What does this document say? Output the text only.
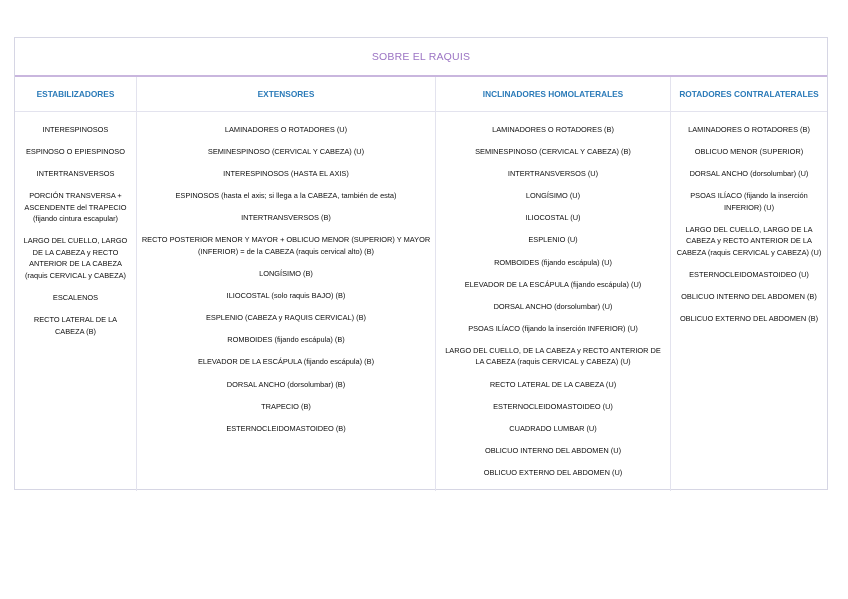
SOBRE EL RAQUIS
ESTABILIZADORES
INTERESPINOSOS
ESPINOSO O EPIESPINOSO
INTERTRANSVERSOS
PORCIÓN TRANSVERSA + ASCENDENTE del TRAPECIO (fijando cintura escapular)
LARGO DEL CUELLO, LARGO DE LA CABEZA y RECTO ANTERIOR DE LA CABEZA (raquis CERVICAL y CABEZA)
ESCALENOS
RECTO LATERAL DE LA CABEZA (B)
EXTENSORES
LAMINADORES O ROTADORES (U)
SEMINESPINOSO (CERVICAL Y CABEZA) (U)
INTERESPINOSOS (HASTA EL AXIS)
ESPINOSOS (hasta el axis; si llega a la CABEZA, también de esta)
INTERTRANSVERSOS (B)
RECTO POSTERIOR MENOR Y MAYOR + OBLICUO MENOR (SUPERIOR) Y MAYOR (INFERIOR) = de la CABEZA (raquis cervical alto) (B)
LONGÍSIMO (B)
ILIOCOSTAL (solo raquis BAJO) (B)
ESPLENIO (CABEZA y RAQUIS CERVICAL) (B)
ROMBOIDES (fijando escápula) (B)
ELEVADOR DE LA ESCÁPULA (fijando escápula) (B)
DORSAL ANCHO (dorsolumbar) (B)
TRAPECIO (B)
ESTERNOCLEIDOMASTOIDEO (B)
INCLINADORES HOMOLATERALES
LAMINADORES O ROTADORES (B)
SEMINESPINOSO (CERVICAL Y CABEZA) (B)
INTERTRANSVERSOS (U)
LONGÍSIMO (U)
ILIOCOSTAL (U)
ESPLENIO (U)
ROMBOIDES (fijando escápula) (U)
ELEVADOR DE LA ESCÁPULA (fijando escápula) (U)
DORSAL ANCHO (dorsolumbar) (U)
PSOAS ILÍACO (fijando la inserción INFERIOR) (U)
LARGO DEL CUELLO, DE LA CABEZA y RECTO ANTERIOR DE LA CABEZA (raquis CERVICAL y CABEZA) (U)
RECTO LATERAL DE LA CABEZA (U)
ESTERNOCLEIDOMASTOIDEO (U)
CUADRADO LUMBAR (U)
OBLICUO INTERNO DEL ABDOMEN (U)
OBLICUO EXTERNO DEL ABDOMEN (U)
ROTADORES CONTRALATERALES
LAMINADORES O ROTADORES (B)
OBLICUO MENOR (SUPERIOR)
DORSAL ANCHO (dorsolumbar) (U)
PSOAS ILÍACO (fijando la inserción INFERIOR) (U)
LARGO DEL CUELLO, LARGO DE LA CABEZA y RECTO ANTERIOR DE LA CABEZA (raquis CERVICAL y CABEZA) (U)
ESTERNOCLEIDOMASTOIDEO (U)
OBLICUO INTERNO DEL ABDOMEN (B)
OBLICUO EXTERNO DEL ABDOMEN (B)
